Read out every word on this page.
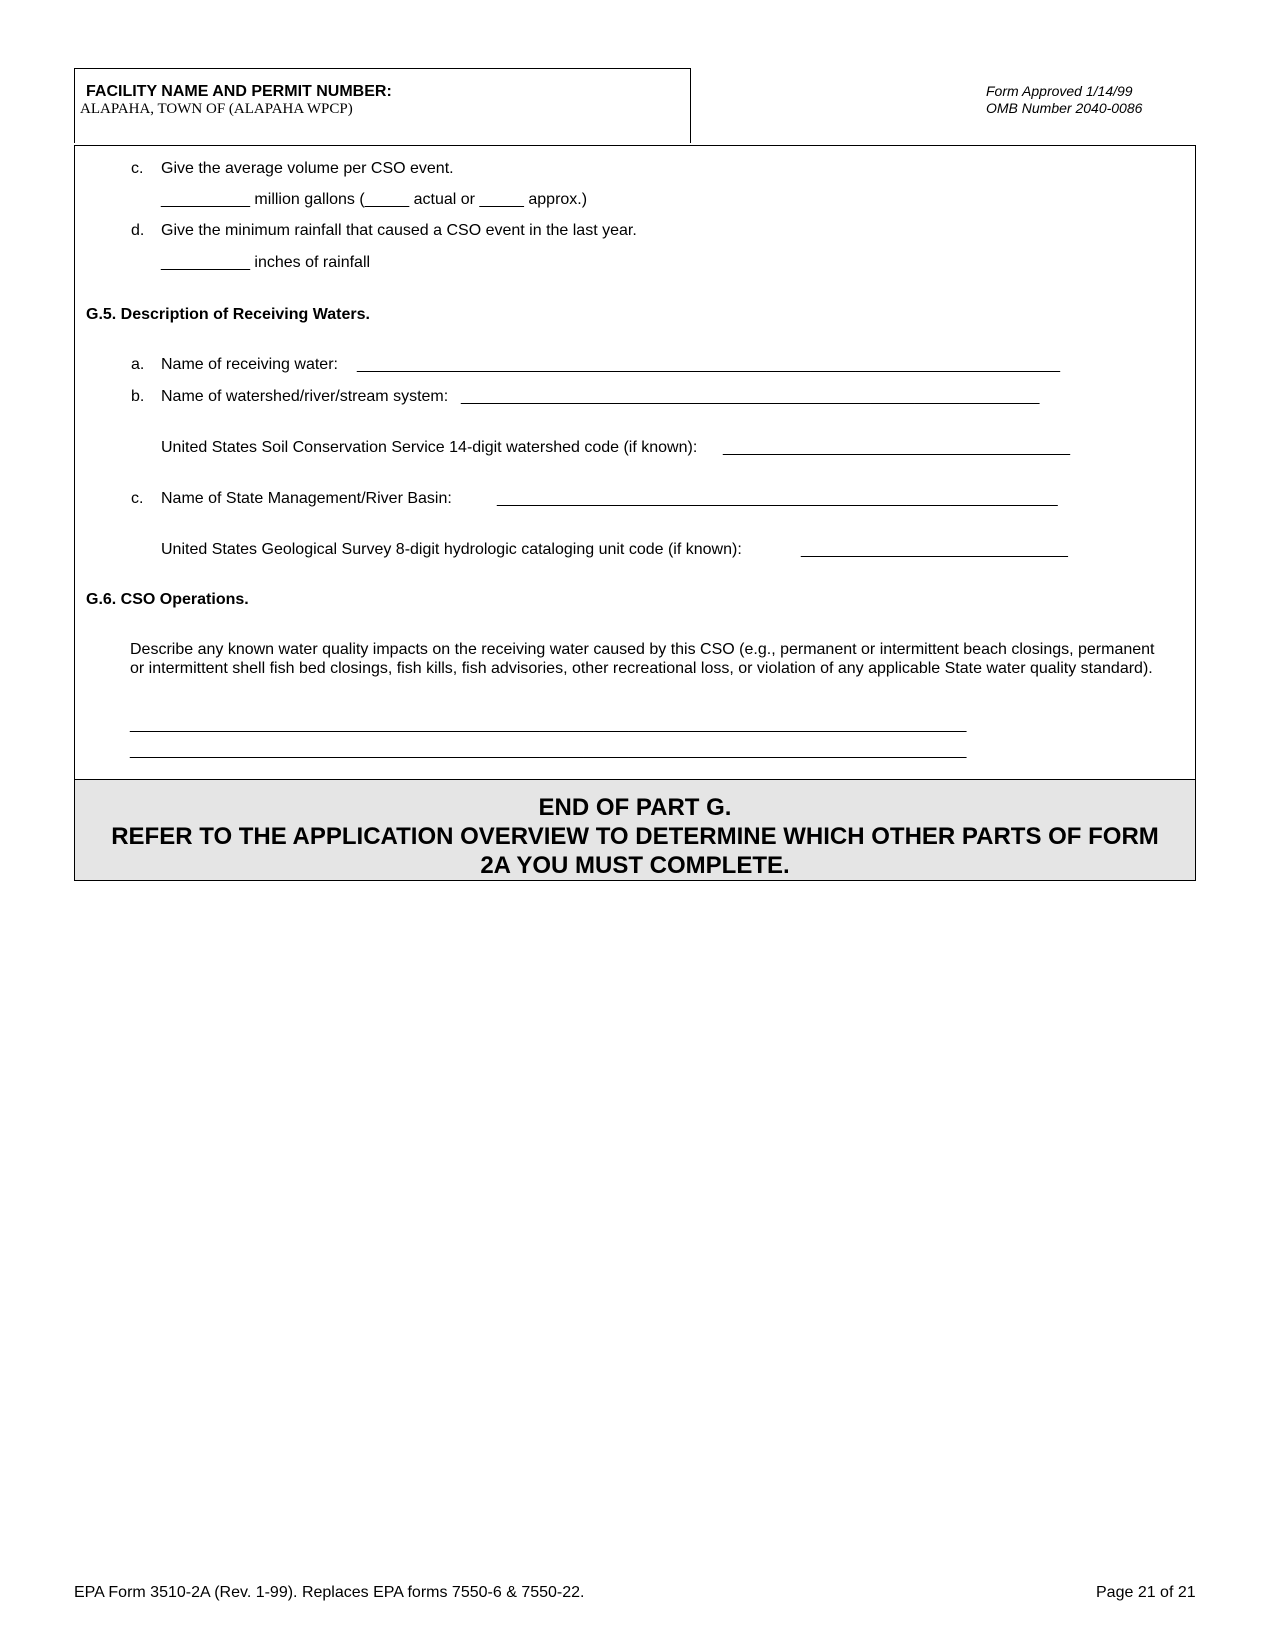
FACILITY NAME AND PERMIT NUMBER:
ALAPAHA, TOWN OF (ALAPAHA WPCP)
Form Approved 1/14/99
OMB Number 2040-0086
c. Give the average volume per CSO event.
__________ million gallons (_____ actual or _____ approx.)
d. Give the minimum rainfall that caused a CSO event in the last year.
__________ inches of rainfall
G.5. Description of Receiving Waters.
a. Name of receiving water: _______________________________________________________________________________
b. Name of watershed/river/stream system: _________________________________________________________________
United States Soil Conservation Service 14-digit watershed code (if known): _______________________________________
c. Name of State Management/River Basin:	_______________________________________________________________
United States Geological Survey 8-digit hydrologic cataloging unit code (if known):	______________________________
G.6. CSO Operations.
Describe any known water quality impacts on the receiving water caused by this CSO (e.g., permanent or intermittent beach closings, permanent or intermittent shell fish bed closings, fish kills, fish advisories, other recreational loss, or violation of any applicable State water quality standard).
______________________________________________________________________________________________
______________________________________________________________________________________________
END OF PART G.
REFER TO THE APPLICATION OVERVIEW TO DETERMINE WHICH OTHER PARTS OF FORM
2A YOU MUST COMPLETE.
EPA Form 3510-2A (Rev. 1-99). Replaces EPA forms 7550-6 & 7550-22.	Page 21 of 21
